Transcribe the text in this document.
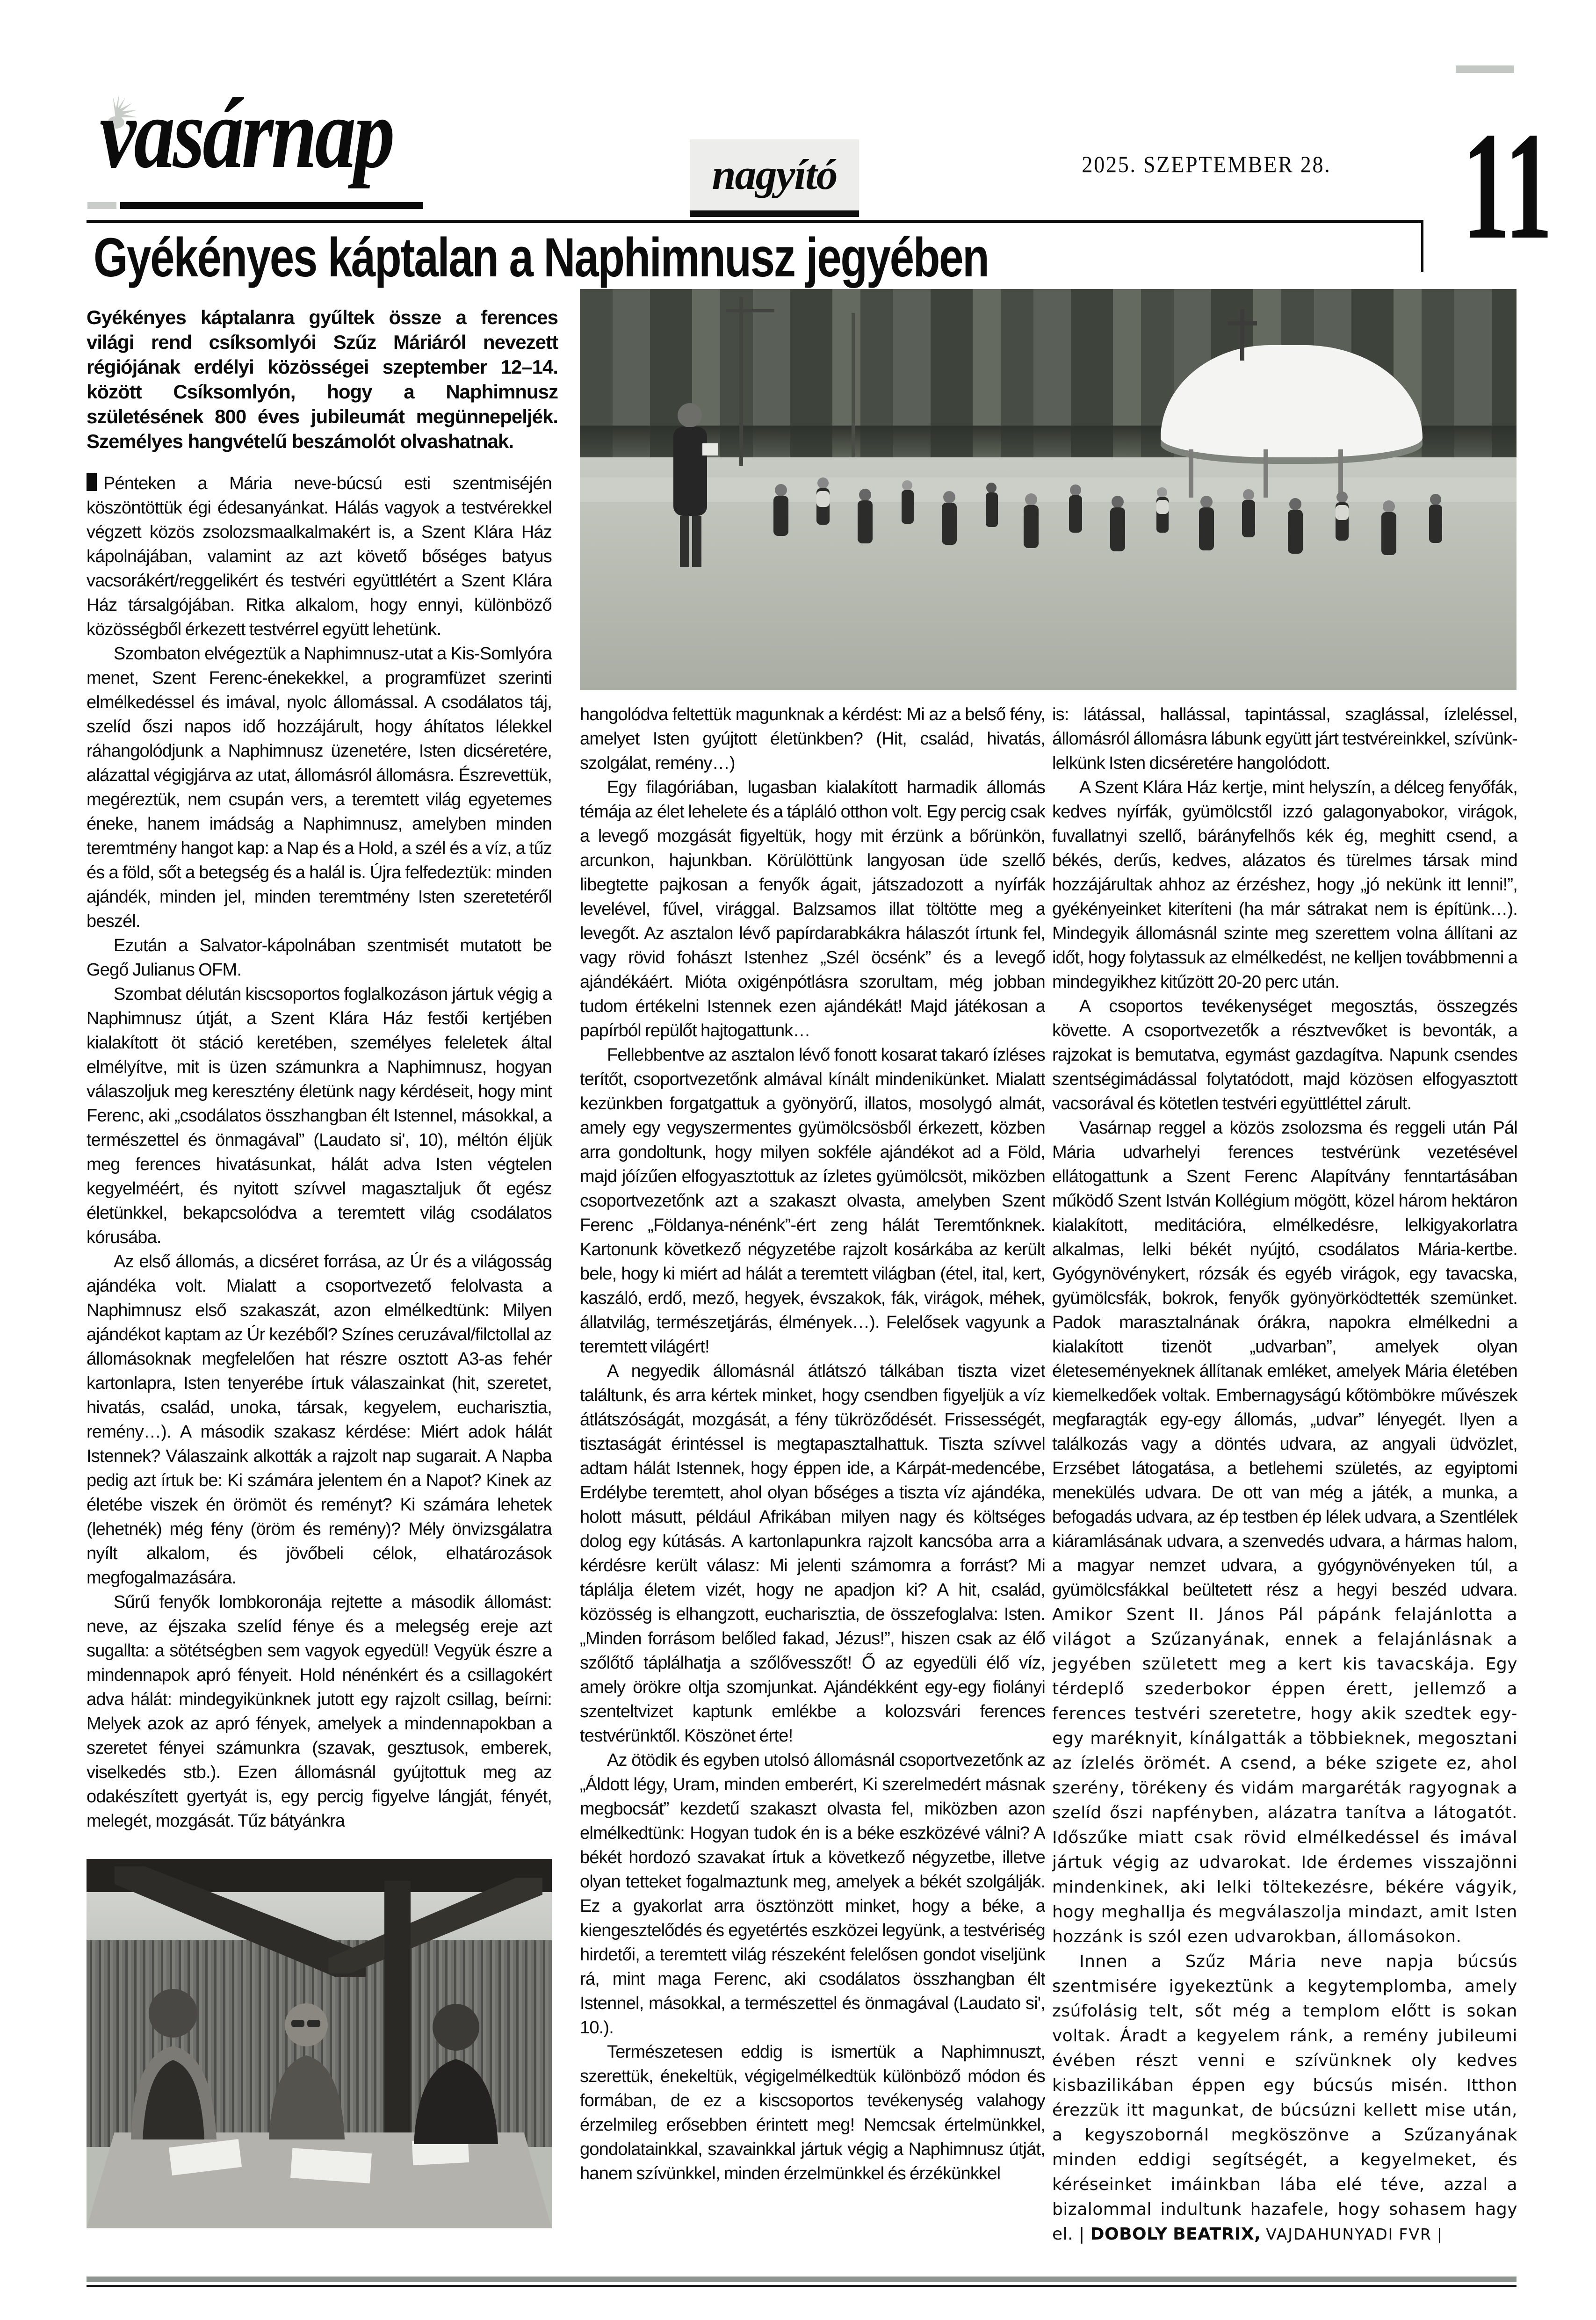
vasárnap	nagyító	2025. SZEPTEMBER 28. 11
Gyékényes káptalan a Naphimnusz jegyében
Gyékényes káptalanra gyűltek össze a ferences világi rend csíksomlyói Szűz Máriáról nevezett régiójának erdélyi közösségei szeptember 12–14. között Csíksomlyón, hogy a Naphimnusz születésének 800 éves jubileumát megünnepeljék. Személyes hangvételű beszámolót olvashatnak.

Pénteken a Mária neve-búcsú esti szentmiséjén köszöntöttük égi édesanyánkat. Hálás vagyok a testvérekkel végzett közös zsolozsmaalkalmakért is, a Szent Klára Ház kápolnájában, valamint az azt követő bőséges batyus vacsorákért/reggelikért és testvéri együttlétért a Szent Klára Ház társalgójában. Ritka alkalom, hogy ennyi, különböző közösségből érkezett testvérrel együtt lehetünk.

Szombaton elvégeztük a Naphimnusz-utat a Kis-Somlyóra menet, Szent Ferenc-énekekkel, a programfüzet szerinti elmélkedéssel és imával, nyolc állomással. A csodálatos táj, szelíd őszi napos idő hozzájárult, hogy áhítatos lélekkel ráhangolódjunk a Naphimnusz üzenetére, Isten dicséretére, alázattal végigjárva az utat, állomásról állomásra. Észrevettük, megéreztük, nem csupán vers, a teremtett világ egyetemes éneke, hanem imádság a Naphimnusz, amelyben minden teremtmény hangot kap: a Nap és a Hold, a szél és a víz, a tűz és a föld, sőt a betegség és a halál is. Újra felfedeztük: minden ajándék, minden jel, minden teremtmény Isten szeretetéről beszél.

Ezután a Salvator-kápolnában szentmisét mutatott be Gegő Julianus OFM.

Szombat délután kiscsoportos foglalkozáson jártuk végig a Naphimnusz útját, a Szent Klára Ház festői kertjében kialakított öt stáció keretében, személyes feleletek által elmélyítve, mit is üzen számunkra a Naphimnusz, hogyan válaszoljuk meg keresztény életünk nagy kérdéseit, hogy mint Ferenc, aki „csodálatos összhangban élt Istennel, másokkal, a természettel és önmagával” (Laudato si', 10), méltón éljük meg ferences hivatásunkat, hálát adva Isten végtelen kegyelméért, és nyitott szívvel magasztaljuk őt egész életünkkel, bekapcsolódva a teremtett világ csodálatos kórusába.

Az első állomás, a dicséret forrása, az Úr és a világosság ajándéka volt. Mialatt a csoportvezető felolvasta a Naphimnusz első szakaszát, azon elmélkedtünk: Milyen ajándékot kaptam az Úr kezéből? Színes ceruzával/filctollal az állomásoknak megfelelően hat részre osztott A3-as fehér kartonlapra, Isten tenyerébe írtuk válaszainkat (hit, szeretet, hivatás, család, unoka, társak, kegyelem, eucharisztia, remény…). A második szakasz kérdése: Miért adok hálát Istennek? Válaszaink alkották a rajzolt nap sugarait. A Napba pedig azt írtuk be: Ki számára jelentem én a Napot? Kinek az életébe viszek én örömöt és reményt? Ki számára lehetek (lehetnék) még fény (öröm és remény)? Mély önvizsgálatra nyílt alkalom, és jövőbeli célok, elhatározások megfogalmazására.

Sűrű fenyők lombkoronája rejtette a második állomást: neve, az éjszaka szelíd fénye és a melegség ereje azt sugallta: a sötétségben sem vagyok egyedül! Vegyük észre a mindennapok apró fényeit. Hold nénénkért és a csillagokért adva hálát: mindegyikünknek jutott egy rajzolt csillag, beírni: Melyek azok az apró fények, amelyek a mindennapokban a szeretet fényei számunkra (szavak, gesztusok, emberek, viselkedés stb.). Ezen állomásnál gyújtottuk meg az odakészített gyertyát is, egy percig figyelve lángját, fényét, melegét, mozgását. Tűz bátyánkra

hangolódva feltettük magunknak a kérdést: Mi az a belső fény, amelyet Isten gyújtott életünkben? (Hit, család, hivatás, szolgálat, remény…)

Egy filagóriában, lugasban kialakított harmadik állomás témája az élet lehelete és a tápláló otthon volt. Egy percig csak a levegő mozgását figyeltük, hogy mit érzünk a bőrünkön, arcunkon, hajunkban. Körülöttünk langyosan üde szellő libegtette pajkosan a fenyők ágait, játszadozott a nyírfák levelével, fűvel, virággal. Balzsamos illat töltötte meg a levegőt. Az asztalon lévő papírdarabkákra hálaszót írtunk fel, vagy rövid fohászt Istenhez „Szél öcsénk” és a levegő ajándékáért. Mióta oxigénpótlásra szorultam, még jobban tudom értékelni Istennek ezen ajándékát! Majd játékosan a papírból repülőt hajtogattunk…

Fellebbentve az asztalon lévő fonott kosarat takaró ízléses terítőt, csoportvezetőnk almával kínált mindenikünket. Mialatt kezünkben forgatgattuk a gyönyörű, illatos, mosolygó almát, amely egy vegyszermentes gyümölcsösből érkezett, közben arra gondoltunk, hogy milyen sokféle ajándékot ad a Föld, majd jóízűen elfogyasztottuk az ízletes gyümölcsöt, miközben csoportvezetőnk azt a szakaszt olvasta, amelyben Szent Ferenc „Földanya-nénénk”-ért zeng hálát Teremtőnknek. Kartonunk következő négyzetébe rajzolt kosárkába az került bele, hogy ki miért ad hálát a teremtett világban (étel, ital, kert, kaszáló, erdő, mező, hegyek, évszakok, fák, virágok, méhek, állatvilág, természetjárás, élmények…). Felelősek vagyunk a teremtett világért!

A negyedik állomásnál átlátszó tálkában tiszta vizet találtunk, és arra kértek minket, hogy csendben figyeljük a víz átlátszóságát, mozgását, a fény tükröződését. Frissességét, tisztaságát érintéssel is megtapasztalhattuk. Tiszta szívvel adtam hálát Istennek, hogy éppen ide, a Kárpát-medencébe, Erdélybe teremtett, ahol olyan bőséges a tiszta víz ajándéka, holott másutt, például Afrikában milyen nagy és költséges dolog egy kútásás. A kartonlapunkra rajzolt kancsóba arra a kérdésre került válasz: Mi jelenti számomra a forrást? Mi táplálja életem vizét, hogy ne apadjon ki? A hit, család, közösség is elhangzott, eucharisztia, de összefoglalva: Isten. „Minden forrásom belőled fakad, Jézus!”, hiszen csak az élő szőlőtő táplálhatja a szőlővesszőt! Ő az egyedüli élő víz, amely örökre oltja szomjunkat. Ajándékként egy-egy fiolányi szenteltvizet kaptunk emlékbe a kolozsvári ferences testvérünktől. Köszönet érte!

Az ötödik és egyben utolsó állomásnál csoportvezetőnk az „Áldott légy, Uram, minden emberért, Ki szerelmedért másnak megbocsát” kezdetű szakaszt olvasta fel, miközben azon elmélkedtünk: Hogyan tudok én is a béke eszközévé válni? A békét hordozó szavakat írtuk a következő négyzetbe, illetve olyan tetteket fogalmaztunk meg, amelyek a békét szolgálják. Ez a gyakorlat arra ösztönzött minket, hogy a béke, a kiengesztelődés és egyetértés eszközei legyünk, a testvériség hirdetői, a teremtett világ részeként felelősen gondot viseljünk rá, mint maga Ferenc, aki csodálatos összhangban élt Istennel, másokkal, a természettel és önmagával (Laudato si', 10.).

Természetesen eddig is ismertük a Naphimnuszt, szerettük, énekeltük, végigelmélkedtük különböző módon és formában, de ez a kiscsoportos tevékenység valahogy érzelmileg erősebben érintett meg! Nemcsak értelmünkkel, gondolatainkkal, szavainkkal jártuk végig a Naphimnusz útját, hanem szívünkkel, minden érzelmünkkel és érzékünkkel

is: látással, hallással, tapintással, szaglással, ízleléssel, állomásról állomásra lábunk együtt járt testvéreinkkel, szívünk-lelkünk Isten dicséretére hangolódott.

A Szent Klára Ház kertje, mint helyszín, a délceg fenyőfák, kedves nyírfák, gyümölcstől izzó galagonyabokor, virágok, fuvallatnyi szellő, bárányfelhős kék ég, meghitt csend, a békés, derűs, kedves, alázatos és türelmes társak mind hozzájárultak ahhoz az érzéshez, hogy „jó nekünk itt lenni!”, gyékényeinket kiteríteni (ha már sátrakat nem is építünk…). Mindegyik állomásnál szinte meg szerettem volna állítani az időt, hogy folytassuk az elmélkedést, ne kelljen továbbmenni a mindegyikhez kitűzött 20-20 perc után.

A csoportos tevékenységet megosztás, összegzés követte. A csoportvezetők a résztvevőket is bevonták, a rajzokat is bemutatva, egymást gazdagítva. Napunk csendes szentségimádással folytatódott, majd közösen elfogyasztott vacsorával és kötetlen testvéri együttléttel zárult.

Vasárnap reggel a közös zsolozsma és reggeli után Pál Mária udvarhelyi ferences testvérünk vezetésével ellátogattunk a Szent Ferenc Alapítvány fenntartásában működő Szent István Kollégium mögött, közel három hektáron kialakított, meditációra, elmélkedésre, lelkigyakorlatra alkalmas, lelki békét nyújtó, csodálatos Mária-kertbe. Gyógynövénykert, rózsák és egyéb virágok, egy tavacska, gyümölcsfák, bokrok, fenyők gyönyörködtették szemünket. Padok marasztalnának órákra, napokra elmélkedni a kialakított tizenöt „udvarban”, amelyek olyan életeseményeknek állítanak emléket, amelyek Mária életében kiemelkedőek voltak. Embernagyságú kőtömbökre művészek megfaragták egy-egy állomás, „udvar” lényegét. Ilyen a találkozás vagy a döntés udvara, az angyali üdvözlet, Erzsébet látogatása, a betlehemi születés, az egyiptomi menekülés udvara. De ott van még a játék, a munka, a befogadás udvara, az ép testben ép lélek udvara, a Szentlélek kiáramlásának udvara, a szenvedés udvara, a hármas halom, a magyar nemzet udvara, a gyógynövényeken túl, a gyümölcsfákkal beültetett rész a hegyi beszéd udvara. Amikor Szent II. János Pál pápánk felajánlotta a világot a Szűzanyának, ennek a felajánlásnak a jegyében született meg a kert kis tavacskája. Egy térdeplő szederbokor éppen érett, jellemző a ferences testvéri szeretetre, hogy akik szedtek egy-egy maréknyit, kínálgatták a többieknek, megosztani az ízlelés örömét. A csend, a béke szigete ez, ahol szerény, törékeny és vidám margaréták ragyognak a szelíd őszi napfényben, alázatra tanítva a látogatót. Időszűke miatt csak rövid elmélkedéssel és imával jártuk végig az udvarokat. Ide érdemes visszajönni mindenkinek, aki lelki töltekezésre, békére vágyik, hogy meghallja és megválaszolja mindazt, amit Isten hozzánk is szól ezen udvarokban, állomásokon.

Innen a Szűz Mária neve napja búcsús szentmisére igyekeztünk a kegytemplomba, amely zsúfolásig telt, sőt még a templom előtt is sokan voltak. Áradt a kegyelem ránk, a remény jubileumi évében részt venni e szívünknek oly kedves kisbazilikában éppen egy búcsús misén. Itthon érezzük itt magunkat, de búcsúzni kellett mise után, a kegyszobornál megköszönve a Szűzanyának minden eddigi segítségét, a kegyelmeket, és kéréseinket imáinkban lába elé téve, azzal a bizalommal indultunk hazafele, hogy sohasem hagy el. | DOBOLY BEATRIX, VAJDAHUNYADI FVR |
